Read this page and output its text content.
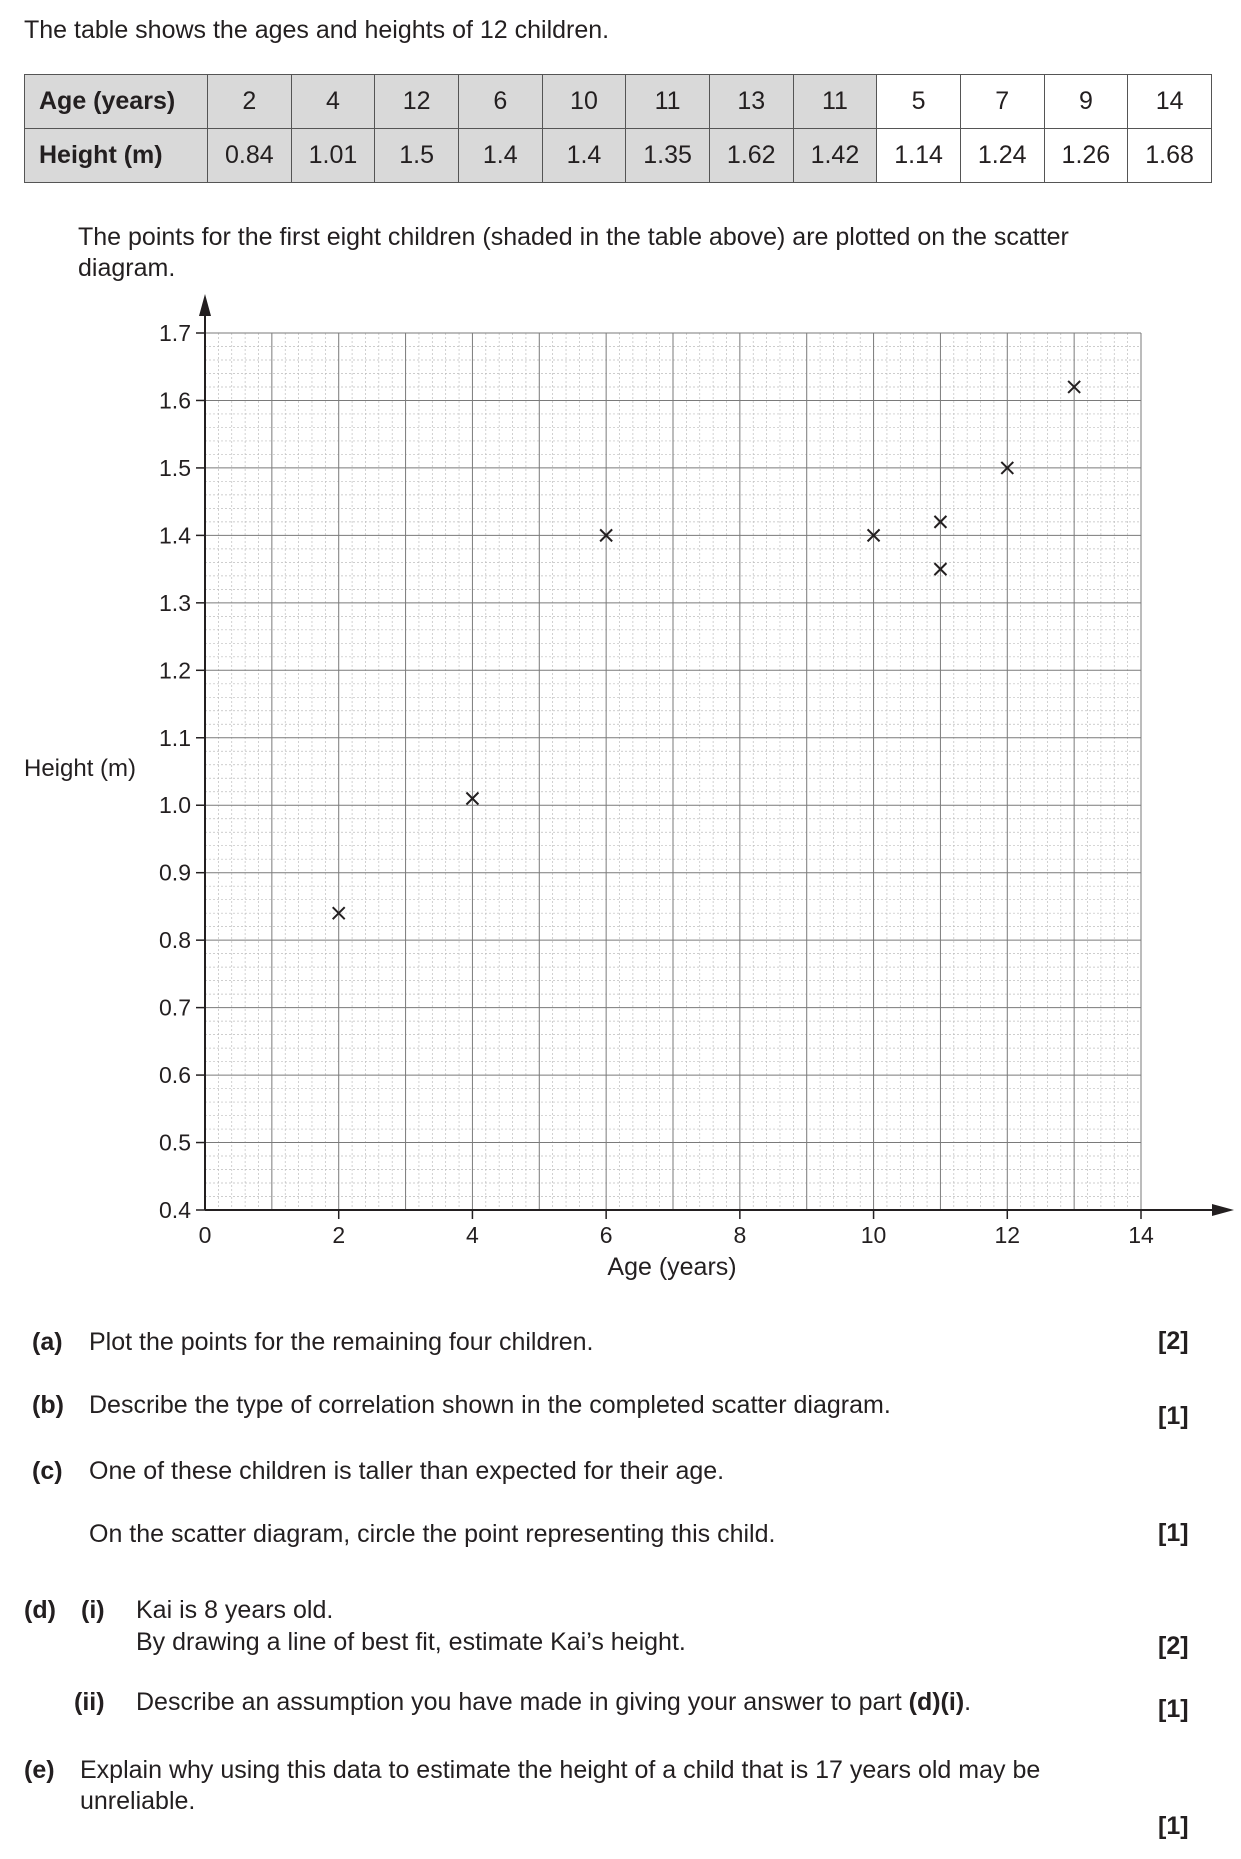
The table shows the ages and heights of 12 children.
Age (years)	2	4	12	6	10	11	13	11	5	7	9	14
Height (m)	0.84	1.01	1.5	1.4	1.4	1.35	1.62	1.42	1.14	1.24	1.26	1.68
The points for the first eight children (shaded in the table above) are plotted on the scatter diagram.
0	2	4	6	8	10	12	14
0.4
0.5
0.6
0.7
0.8
0.9
1.0
1.1
1.2
1.3
1.4
1.5
1.6
1.7
Age (years)
Height (m)
(a) Plot the points for the remaining four children.	[2]
(b) Describe the type of correlation shown in the completed scatter diagram.	[1]
(c) One of these children is taller than expected for their age.
On the scatter diagram, circle the point representing this child.	[1]
(d) (i) Kai is 8 years old.
By drawing a line of best fit, estimate Kai’s height.	[2]
(ii) Describe an assumption you have made in giving your answer to part (d)(i).	[1]
(e) Explain why using this data to estimate the height of a child that is 17 years old may be
unreliable.
[1]
